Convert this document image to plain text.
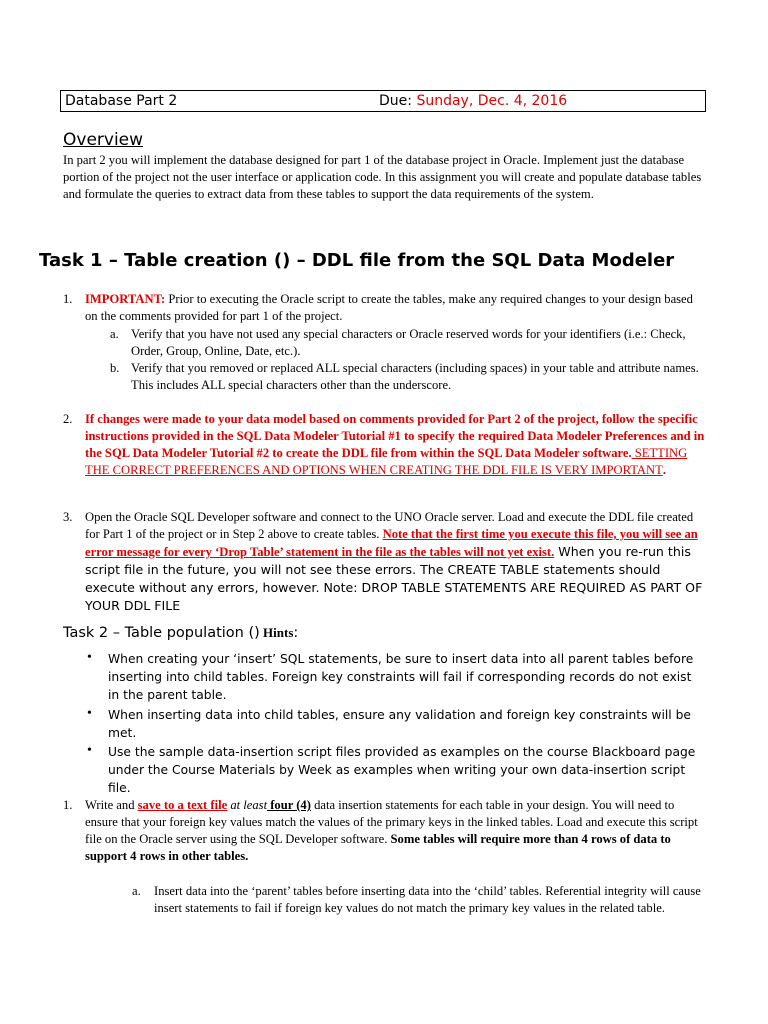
Database Part 2	Due: Sunday, Dec. 4, 2016
Overview
In part 2 you will implement the database designed for part 1 of the database project in Oracle. Implement just the database portion of the project not the user interface or application code. In this assignment you will create and populate database tables and formulate the queries to extract data from these tables to support the data requirements of the system.
Task 1 – Table creation () – DDL file from the SQL Data Modeler
1. IMPORTANT: Prior to executing the Oracle script to create the tables, make any required changes to your design based on the comments provided for part 1 of the project.
a. Verify that you have not used any special characters or Oracle reserved words for your identifiers (i.e.: Check, Order, Group, Online, Date, etc.).
b. Verify that you removed or replaced ALL special characters (including spaces) in your table and attribute names. This includes ALL special characters other than the underscore.
2. If changes were made to your data model based on comments provided for Part 2 of the project, follow the specific instructions provided in the SQL Data Modeler Tutorial #1 to specify the required Data Modeler Preferences and in the SQL Data Modeler Tutorial #2 to create the DDL file from within the SQL Data Modeler software. SETTING THE CORRECT PREFERENCES AND OPTIONS WHEN CREATING THE DDL FILE IS VERY IMPORTANT.
3. Open the Oracle SQL Developer software and connect to the UNO Oracle server. Load and execute the DDL file created for Part 1 of the project or in Step 2 above to create tables. Note that the first time you execute this file, you will see an error message for every ‘Drop Table’ statement in the file as the tables will not yet exist. When you re-run this script file in the future, you will not see these errors. The CREATE TABLE statements should execute without any errors, however. Note: DROP TABLE STATEMENTS ARE REQUIRED AS PART OF YOUR DDL FILE
Task 2 – Table population () Hints:
• When creating your ‘insert’ SQL statements, be sure to insert data into all parent tables before inserting into child tables. Foreign key constraints will fail if corresponding records do not exist in the parent table.
• When inserting data into child tables, ensure any validation and foreign key constraints will be met.
• Use the sample data-insertion script files provided as examples on the course Blackboard page under the Course Materials by Week as examples when writing your own data-insertion script file.
1. Write and save to a text file at least four (4) data insertion statements for each table in your design. You will need to ensure that your foreign key values match the values of the primary keys in the linked tables. Load and execute this script file on the Oracle server using the SQL Developer software. Some tables will require more than 4 rows of data to support 4 rows in other tables.
a. Insert data into the ‘parent’ tables before inserting data into the ‘child’ tables. Referential integrity will cause insert statements to fail if foreign key values do not match the primary key values in the related table.
